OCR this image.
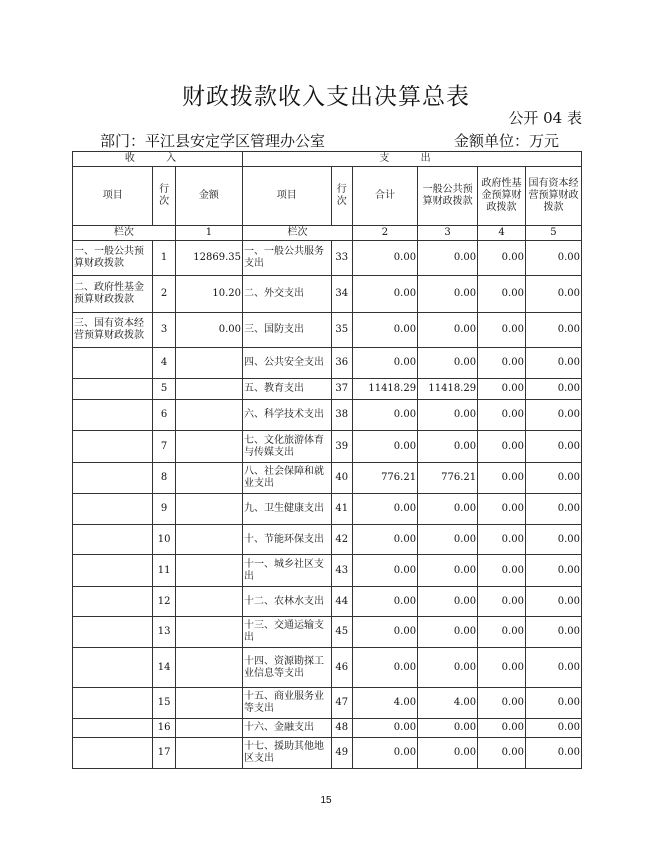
财政拨款收入支出决算总表
公开 04 表
部门：平江县安定学区管理办公室	金额单位：万元
收 入			支 出					
项目	行次	金额	项目	行次	合计	一般公共预算财政拨款	政府性基金预算财政拨款	国有资本经营预算财政拨款
栏次		1	栏次		2	3	4	5
一、一般公共预算财政拨款	1	12869.35	一、一般公共服务支出	33	0.00	0.00	0.00	0.00
二、政府性基金预算财政拨款	2	10.20	二、外交支出	34	0.00	0.00	0.00	0.00
三、国有资本经营预算财政拨款	3	0.00	三、国防支出	35	0.00	0.00	0.00	0.00
	4		四、公共安全支出	36	0.00	0.00	0.00	0.00
	5		五、教育支出	37	11418.29	11418.29	0.00	0.00
	6		六、科学技术支出	38	0.00	0.00	0.00	0.00
	7		七、文化旅游体育与传媒支出	39	0.00	0.00	0.00	0.00
	8		八、社会保障和就业支出	40	776.21	776.21	0.00	0.00
	9		九、卫生健康支出	41	0.00	0.00	0.00	0.00
	10		十、节能环保支出	42	0.00	0.00	0.00	0.00
	11		十一、城乡社区支出	43	0.00	0.00	0.00	0.00
	12		十二、农林水支出	44	0.00	0.00	0.00	0.00
	13		十三、交通运输支出	45	0.00	0.00	0.00	0.00
	14		十四、资源勘探工业信息等支出	46	0.00	0.00	0.00	0.00
	15		十五、商业服务业等支出	47	4.00	4.00	0.00	0.00
	16		十六、金融支出	48	0.00	0.00	0.00	0.00
	17		十七、援助其他地区支出	49	0.00	0.00	0.00	0.00
15
